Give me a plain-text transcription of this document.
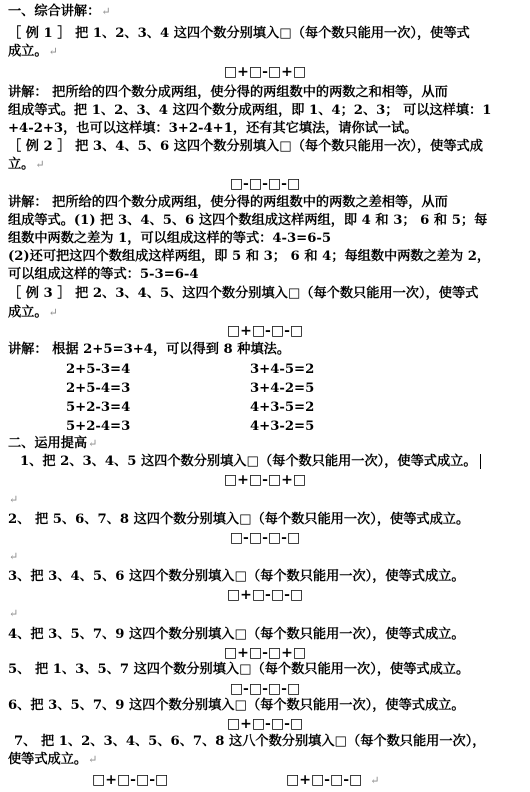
一、综合讲解：↵
［ 例 1 ］ 把 1、2、3、4 这四个数分别填入□（每个数只能用一次），使等式
成立。↵
□+□-□+□
讲解： 把所给的四个数分成两组，使分得的两组数中的两数之和相等，从而
组成等式。把 1、2、3、4 这四个数分成两组，即 1、4；2、3； 可以这样填：1
+4-2+3，也可以这样填：3+2-4+1，还有其它填法，请你试一试。
［ 例 2 ］ 把 3、4、5、6 这四个数分别填入□（每个数只能用一次），使等式成
立。↵
□-□-□-□
讲解： 把所给的四个数分成两组，使分得的两组数中的两数之差相等，从而
组成等式。(1) 把 3、4、5、6 这四个数组成这样两组，即 4 和 3； 6 和 5；每
组数中两数之差为 1，可以组成这样的等式：4-3=6-5
(2)还可把这四个数组成这样两组，即 5 和 3； 6 和 4；每组数中两数之差为 2，
可以组成这样的等式：5-3=6-4
［ 例 3 ］ 把 2、3、4、5、这四个数分别填入□（每个数只能用一次），使等式
成立。↵
□+□-□-□
讲解： 根据 2+5=3+4，可以得到 8 种填法。
2+5-3=4
2+5-4=3
5+2-3=4
5+2-4=3
3+4-5=2
3+4-2=5
4+3-5=2
4+3-2=5
二、运用提高↵
1、把 2、3、4、5 这四个数分别填入□（每个数只能用一次），使等式成立。
□+□-□+□
↵
2、 把 5、6、7、8 这四个数分别填入□（每个数只能用一次），使等式成立。
□-□-□-□
↵
3、把 3、4、5、6 这四个数分别填入□（每个数只能用一次），使等式成立。
□+□-□-□
↵
4、把 3、5、7、9 这四个数分别填入□（每个数只能用一次），使等式成立。
□+□-□+□
5、 把 1、3、5、7 这四个数分别填入□（每个数只能用一次），使等式成立。
□-□-□-□
6、把 3、5、7、9 这四个数分别填入□（每个数只能用一次），使等式成立。
□+□-□-□
7、 把 1、2、3、4、5、6、7、8 这八个数分别填入□（每个数只能用一次），
使等式成立。↵
□+□-□-□	□+□-□-□ ↵
